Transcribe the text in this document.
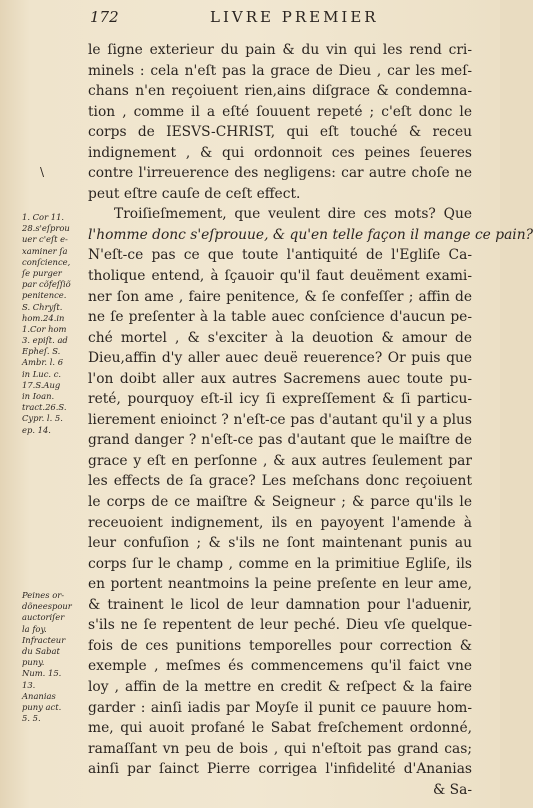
172	LIVRE PREMIER
\
1. Cor 11.
28.s'eſprou
uer c'eſt e-
xaminer ſa
conſcience,
ſe purger
par cõfeſſiõ
penitence.
S. Chryſt.
hom.24.in
1.Cor hom
3. epiſt. ad
Epheſ. S.
Ambr. l. 6
in Luc. c.
17.S.Aug
in Ioan.
tract.26.S.
Cypr. l. 5.
ep. 14.
Peines or-
dõneespour
auctoriſer
la foy.
Infracteur
du Sabat
puny.
Num. 15.
13.
Ananias
puny act.
5. 5.
le ſigne exterieur du pain & du vin qui les rend cri-
minels : cela n'eſt pas la grace de Dieu , car les meſ-
chans n'en reçoiuent rien,ains diſgrace & condemna-
tion , comme il a eſté ſouuent repeté ; c'eſt donc le
corps de IESVS-CHRIST, qui eſt touché & receu
indignement , & qui ordonnoit ces peines ſeueres
contre l'irreuerence des negligens: car autre choſe ne
peut eſtre cauſe de ceſt effect.
Troiſieſmement, que veulent dire ces mots? Que
l'homme donc s'eſprouue, & qu'en telle façon il mange ce pain?
N'eſt-ce pas ce que toute l'antiquité de l'Egliſe Ca-
tholique entend, à ſçauoir qu'il faut deuëment exami-
ner ſon ame , faire penitence, & ſe confeſſer ; affin de
ne ſe preſenter à la table auec conſcience d'aucun pe-
ché mortel , & s'exciter à la deuotion & amour de
Dieu,affin d'y aller auec deuë reuerence? Or puis que
l'on doibt aller aux autres Sacremens auec toute pu-
reté, pourquoy eſt-il icy ſi expreſſement & ſi particu-
lierement enioinct ? n'eſt-ce pas d'autant qu'il y a plus
grand danger ? n'eſt-ce pas d'autant que le maiſtre de
grace y eſt en perſonne , & aux autres ſeulement par
les effects de ſa grace? Les meſchans donc reçoiuent
le corps de ce maiſtre & Seigneur ; & parce qu'ils le
receuoient indignement, ils en payoyent l'amende à
leur confuſion ; & s'ils ne ſont maintenant punis au
corps ſur le champ , comme en la primitiue Egliſe, ils
en portent neantmoins la peine preſente en leur ame,
& trainent le licol de leur damnation pour l'aduenir,
s'ils ne ſe repentent de leur peché. Dieu vſe quelque-
fois de ces punitions temporelles pour correction &
exemple , meſmes és commencemens qu'il faict vne
loy , affin de la mettre en credit & reſpect & la faire
garder : ainſi iadis par Moyſe il punit ce pauure hom-
me, qui auoit profané le Sabat freſchement ordonné,
ramaſſant vn peu de bois , qui n'eſtoit pas grand cas;
ainſi par ſainct Pierre corrigea l'infidelité d'Ananias
& Sa-
